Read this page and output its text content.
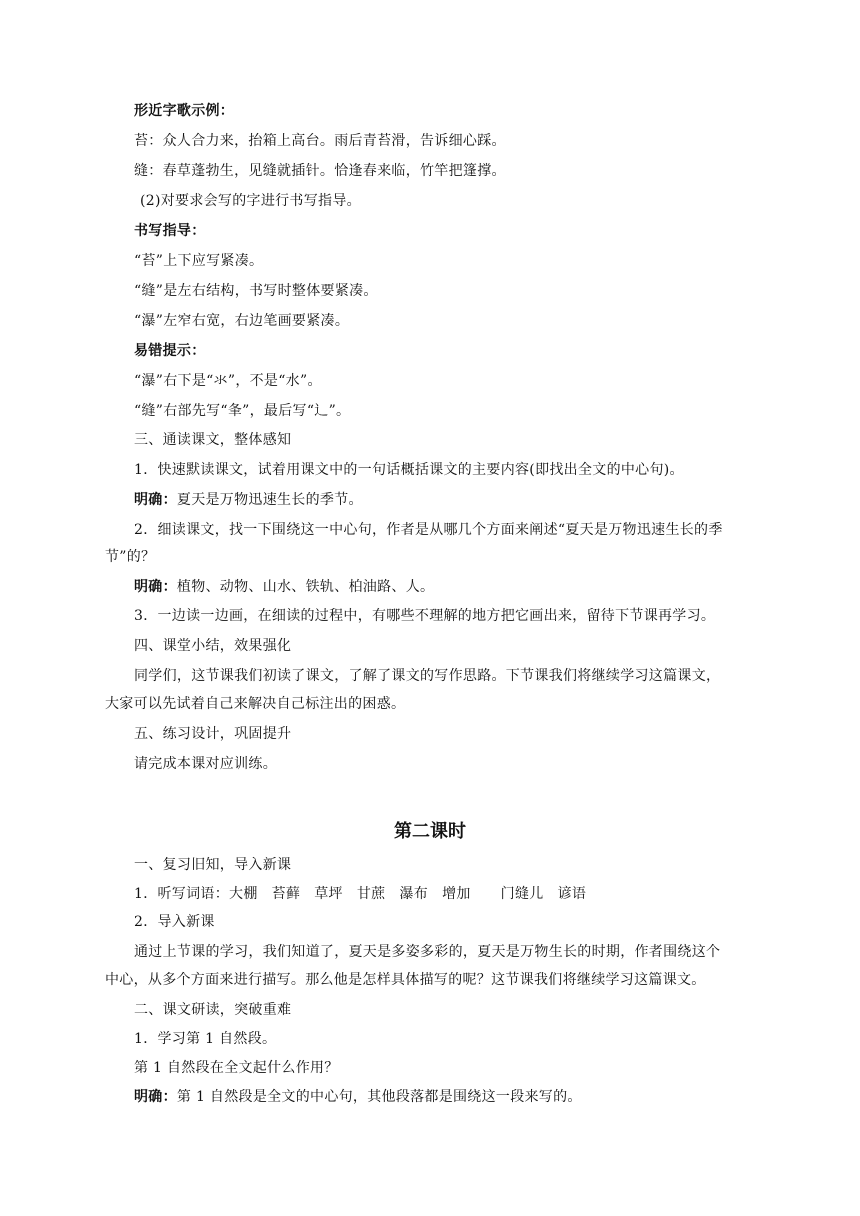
形近字歌示例：
苔：众人合力来，抬箱上高台。雨后青苔滑，告诉细心踩。
缝：春草蓬勃生，见缝就插针。恰逢春来临，竹竿把篷撑。
(2)对要求会写的字进行书写指导。
书写指导：
“苔”上下应写紧凑。
“缝”是左右结构，书写时整体要紧凑。
“瀑”左窄右宽，右边笔画要紧凑。
易错提示：
“瀑”右下是“氺”，不是“水”。
“缝”右部先写“夆”，最后写“辶”。
三、通读课文，整体感知
1．快速默读课文，试着用课文中的一句话概括课文的主要内容(即找出全文的中心句)。
明确：夏天是万物迅速生长的季节。
2．细读课文，找一下围绕这一中心句，作者是从哪几个方面来阐述“夏天是万物迅速生长的季
节”的？
明确：植物、动物、山水、铁轨、柏油路、人。
3．一边读一边画，在细读的过程中，有哪些不理解的地方把它画出来，留待下节课再学习。
四、课堂小结，效果强化
同学们，这节课我们初读了课文，了解了课文的写作思路。下节课我们将继续学习这篇课文，
大家可以先试着自己来解决自己标注出的困惑。
五、练习设计，巩固提升
请完成本课对应训练。
第二课时
一、复习旧知，导入新课
1．听写词语：大棚 苔藓 草坪 甘蔗 瀑布 增加 门缝儿 谚语
2．导入新课
通过上节课的学习，我们知道了，夏天是多姿多彩的，夏天是万物生长的时期，作者围绕这个
中心，从多个方面来进行描写。那么他是怎样具体描写的呢？这节课我们将继续学习这篇课文。
二、课文研读，突破重难
1．学习第 1 自然段。
第 1 自然段在全文起什么作用？
明确：第 1 自然段是全文的中心句，其他段落都是围绕这一段来写的。
